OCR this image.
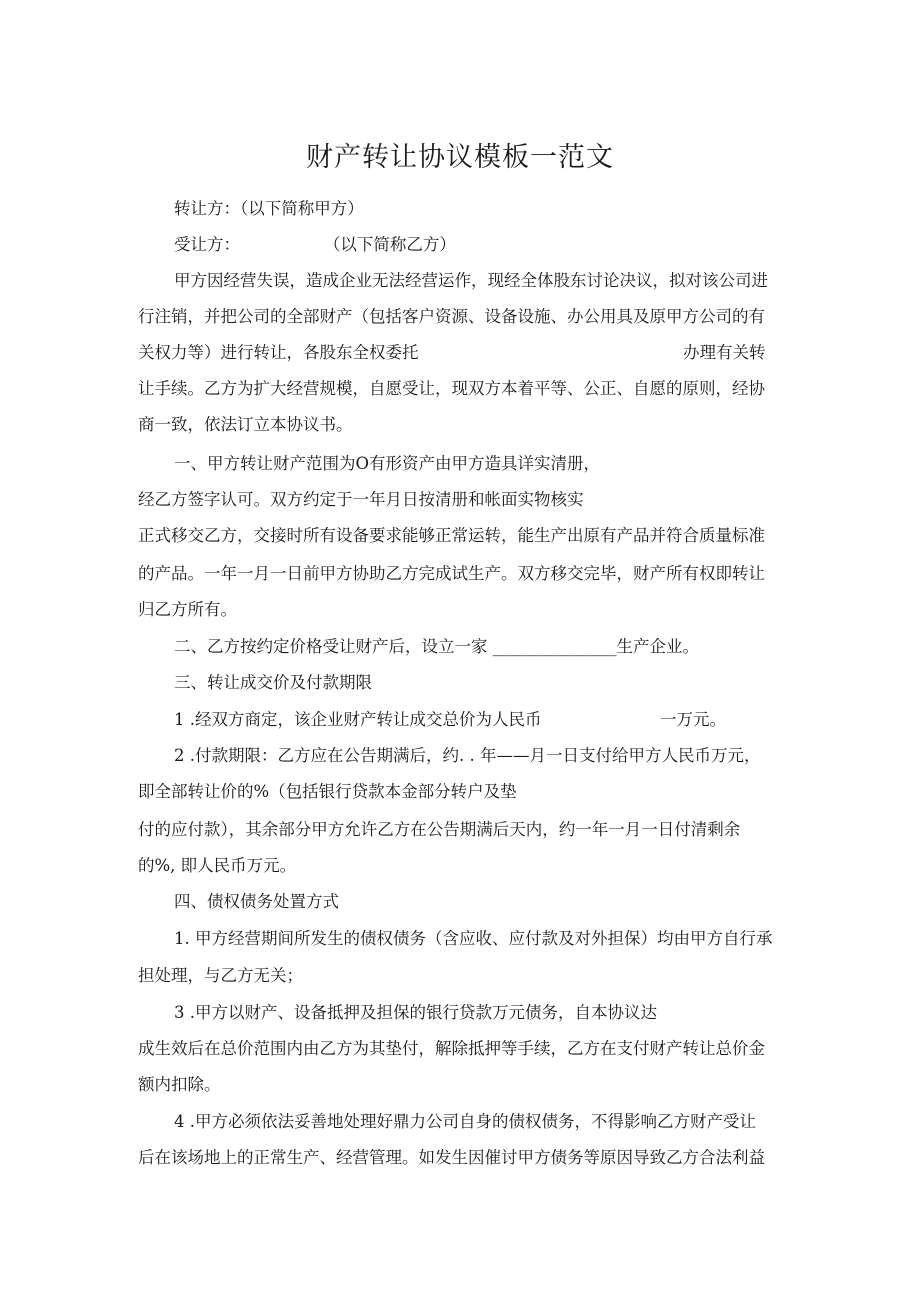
财产转让协议模板一范文
转让方：（以下简称甲方）
受让方：                （以下简称乙方）
甲方因经营失误，造成企业无法经营运作，现经全体股东讨论决议，拟对该公司进
行注销，并把公司的全部财产（包括客户资源、设备设施、办公用具及原甲方公司的有
关权力等）进行转让，各股东全权委托	办理有关转
让手续。乙方为扩大经营规模，自愿受让，现双方本着平等、公正、自愿的原则，经协
商一致，依法订立本协议书。
一、甲方转让财产范围为O有形资产由甲方造具详实清册，
经乙方签字认可。双方约定于一年月日按清册和帐面实物核实
正式移交乙方，交接时所有设备要求能够正常运转，能生产出原有产品并符合质量标准
的产品。一年一月一日前甲方协助乙方完成试生产。双方移交完毕，财产所有权即转让
归乙方所有。
二、乙方按约定价格受让财产后，设立一家 _______________生产企业。
三、转让成交价及付款期限
1 .经双方商定，该企业财产转让成交总价为人民币	一万元。
2 .付款期限：乙方应在公告期满后，约. . 年——月一日支付给甲方人民币万元，
即全部转让价的%（包括银行贷款本金部分转户及垫
付的应付款），其余部分甲方允许乙方在公告期满后天内，约一年一月一日付清剩余
的%, 即人民币万元。
四、债权债务处置方式
1. 甲方经营期间所发生的债权债务（含应收、应付款及对外担保）均由甲方自行承
担处理，与乙方无关；
3 .甲方以财产、设备抵押及担保的银行贷款万元债务，自本协议达
成生效后在总价范围内由乙方为其垫付，解除抵押等手续，乙方在支付财产转让总价金
额内扣除。
4 .甲方必须依法妥善地处理好鼎力公司自身的债权债务，不得影响乙方财产受让
后在该场地上的正常生产、经营管理。如发生因催讨甲方债务等原因导致乙方合法利益
